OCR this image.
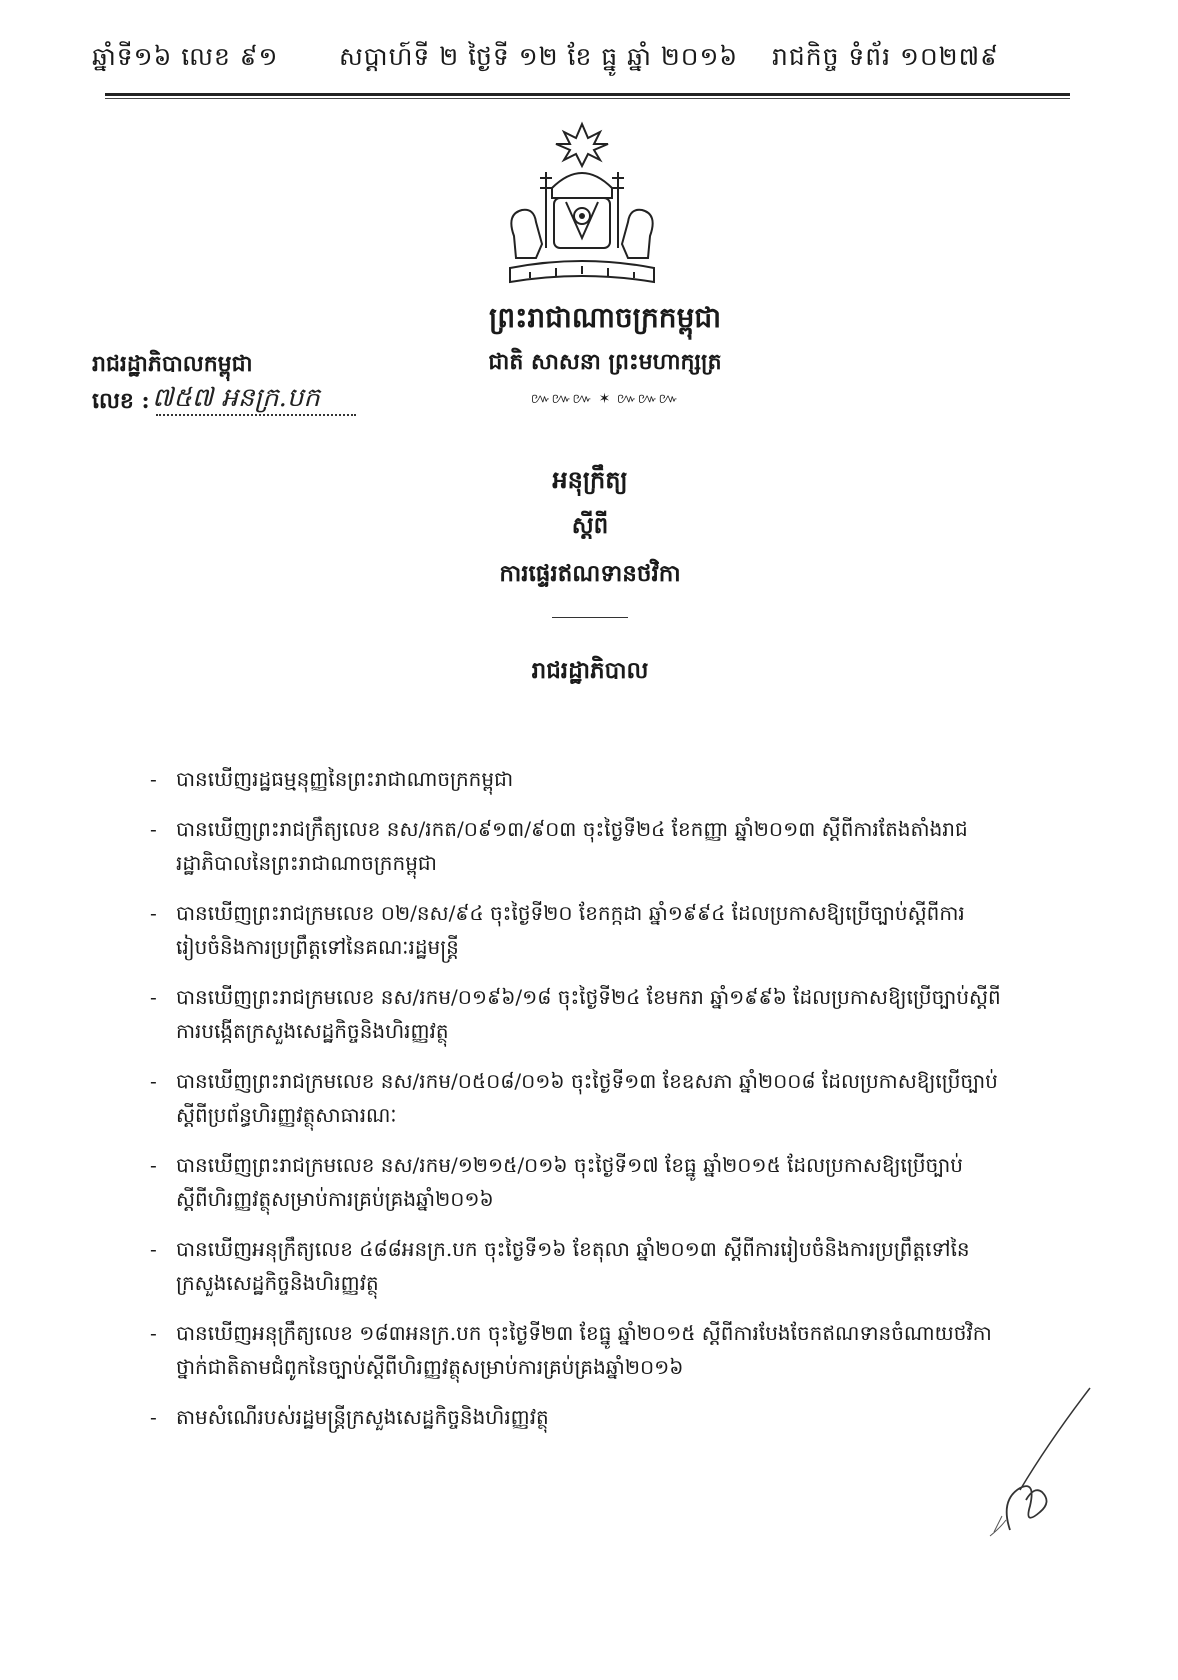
ឆ្នាំទី១៦ លេខ ៩១ សប្តាហ៍ទី ២ ថ្ងៃទី ១២ ខែ ធ្នូ ឆ្នាំ ២០១៦ រាជកិច្ច ទំព័រ ១០២៧៩
ព្រះរាជាណាចក្រកម្ពុជា
ជាតិ សាសនា ព្រះមហាក្សត្រ
៚៚៚ ✶ ៚៚៚
រាជរដ្ឋាភិបាលកម្ពុជា
លេខ : ៧៥៧ អនក្រ.បក
អនុក្រឹត្យ
ស្តីពី
ការផ្ទេរឥណទានថវិកា
រាជរដ្ឋាភិបាល
- បានឃើញរដ្ឋធម្មនុញ្ញនៃព្រះរាជាណាចក្រកម្ពុជា
- បានឃើញព្រះរាជក្រឹត្យលេខ នស/រកត/០៩១៣/៩០៣ ចុះថ្ងៃទី២៤ ខែកញ្ញា ឆ្នាំ២០១៣ ស្តីពីការតែងតាំងរាជរដ្ឋាភិបាលនៃព្រះរាជាណាចក្រកម្ពុជា
- បានឃើញព្រះរាជក្រមលេខ ០២/នស/៩៤ ចុះថ្ងៃទី២០ ខែកក្កដា ឆ្នាំ១៩៩៤ ដែលប្រកាសឱ្យប្រើច្បាប់ស្តីពីការរៀបចំនិងការប្រព្រឹត្តទៅនៃគណៈរដ្ឋមន្ត្រី
- បានឃើញព្រះរាជក្រមលេខ នស/រកម/០១៩៦/១៨ ចុះថ្ងៃទី២៤ ខែមករា ឆ្នាំ១៩៩៦ ដែលប្រកាសឱ្យប្រើច្បាប់ស្តីពីការបង្កើតក្រសួងសេដ្ឋកិច្ចនិងហិរញ្ញវត្ថុ
- បានឃើញព្រះរាជក្រមលេខ នស/រកម/០៥០៨/០១៦ ចុះថ្ងៃទី១៣ ខែឧសភា ឆ្នាំ២០០៨ ដែលប្រកាសឱ្យប្រើច្បាប់ស្តីពីប្រព័ន្ធហិរញ្ញវត្ថុសាធារណៈ
- បានឃើញព្រះរាជក្រមលេខ នស/រកម/១២១៥/០១៦ ចុះថ្ងៃទី១៧ ខែធ្នូ ឆ្នាំ២០១៥ ដែលប្រកាសឱ្យប្រើច្បាប់ស្តីពីហិរញ្ញវត្ថុសម្រាប់ការគ្រប់គ្រងឆ្នាំ២០១៦
- បានឃើញអនុក្រឹត្យលេខ ៤៨៨អនក្រ.បក ចុះថ្ងៃទី១៦ ខែតុលា ឆ្នាំ២០១៣ ស្តីពីការរៀបចំនិងការប្រព្រឹត្តទៅនៃក្រសួងសេដ្ឋកិច្ចនិងហិរញ្ញវត្ថុ
- បានឃើញអនុក្រឹត្យលេខ ១៨៣អនក្រ.បក ចុះថ្ងៃទី២៣ ខែធ្នូ ឆ្នាំ២០១៥ ស្តីពីការបែងចែកឥណទានចំណាយថវិកាថ្នាក់ជាតិតាមជំពូកនៃច្បាប់ស្តីពីហិរញ្ញវត្ថុសម្រាប់ការគ្រប់គ្រងឆ្នាំ២០១៦
- តាមសំណើរបស់រដ្ឋមន្ត្រីក្រសួងសេដ្ឋកិច្ចនិងហិរញ្ញវត្ថុ
